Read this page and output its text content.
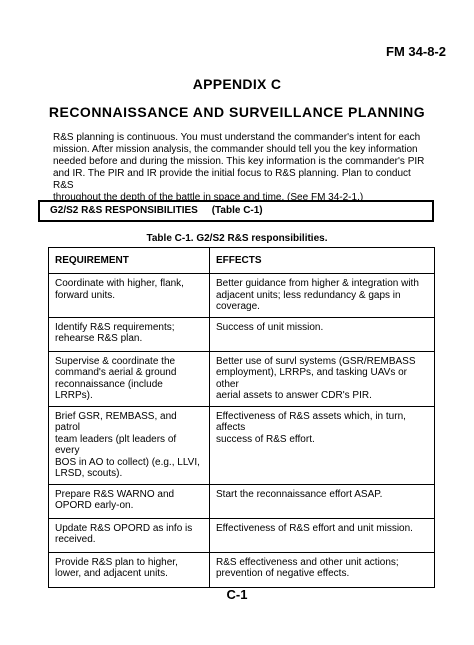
FM 34-8-2
APPENDIX C
RECONNAISSANCE AND SURVEILLANCE PLANNING
R&S planning is continuous. You must understand the commander's intent for each
mission. After mission analysis, the commander should tell you the key information
needed before and during the mission. This key information is the commander's PIR
and IR. The PIR and IR provide the initial focus to R&S planning. Plan to conduct R&S
throughout the depth of the battle in space and time. (See FM 34-2-1.)
G2/S2 R&S RESPONSIBILITIES     (Table C-1)
Table C-1. G2/S2 R&S responsibilities.
REQUIREMENT	EFFECTS
Coordinate with higher, flank,
forward units.	Better guidance from higher & integration with
adjacent units; less redundancy & gaps in
coverage.
Identify R&S requirements;
rehearse R&S plan.	Success of unit mission.
Supervise & coordinate the
command's aerial & ground
reconnaissance (include LRRPs).	Better use of survl systems (GSR/REMBASS
employment), LRRPs, and tasking UAVs or other
aerial assets to answer CDR's PIR.
Brief GSR, REMBASS, and patrol
team leaders (plt leaders of every
BOS in AO to collect) (e.g., LLVI,
LRSD, scouts).	Effectiveness of R&S assets which, in turn, affects
success of R&S effort.
Prepare R&S WARNO and
OPORD early-on.	Start the reconnaissance effort ASAP.
Update R&S OPORD as info is
received.	Effectiveness of R&S effort and unit mission.
Provide R&S plan to higher,
lower, and adjacent units.	R&S effectiveness and other unit actions;
prevention of negative effects.
C-1
